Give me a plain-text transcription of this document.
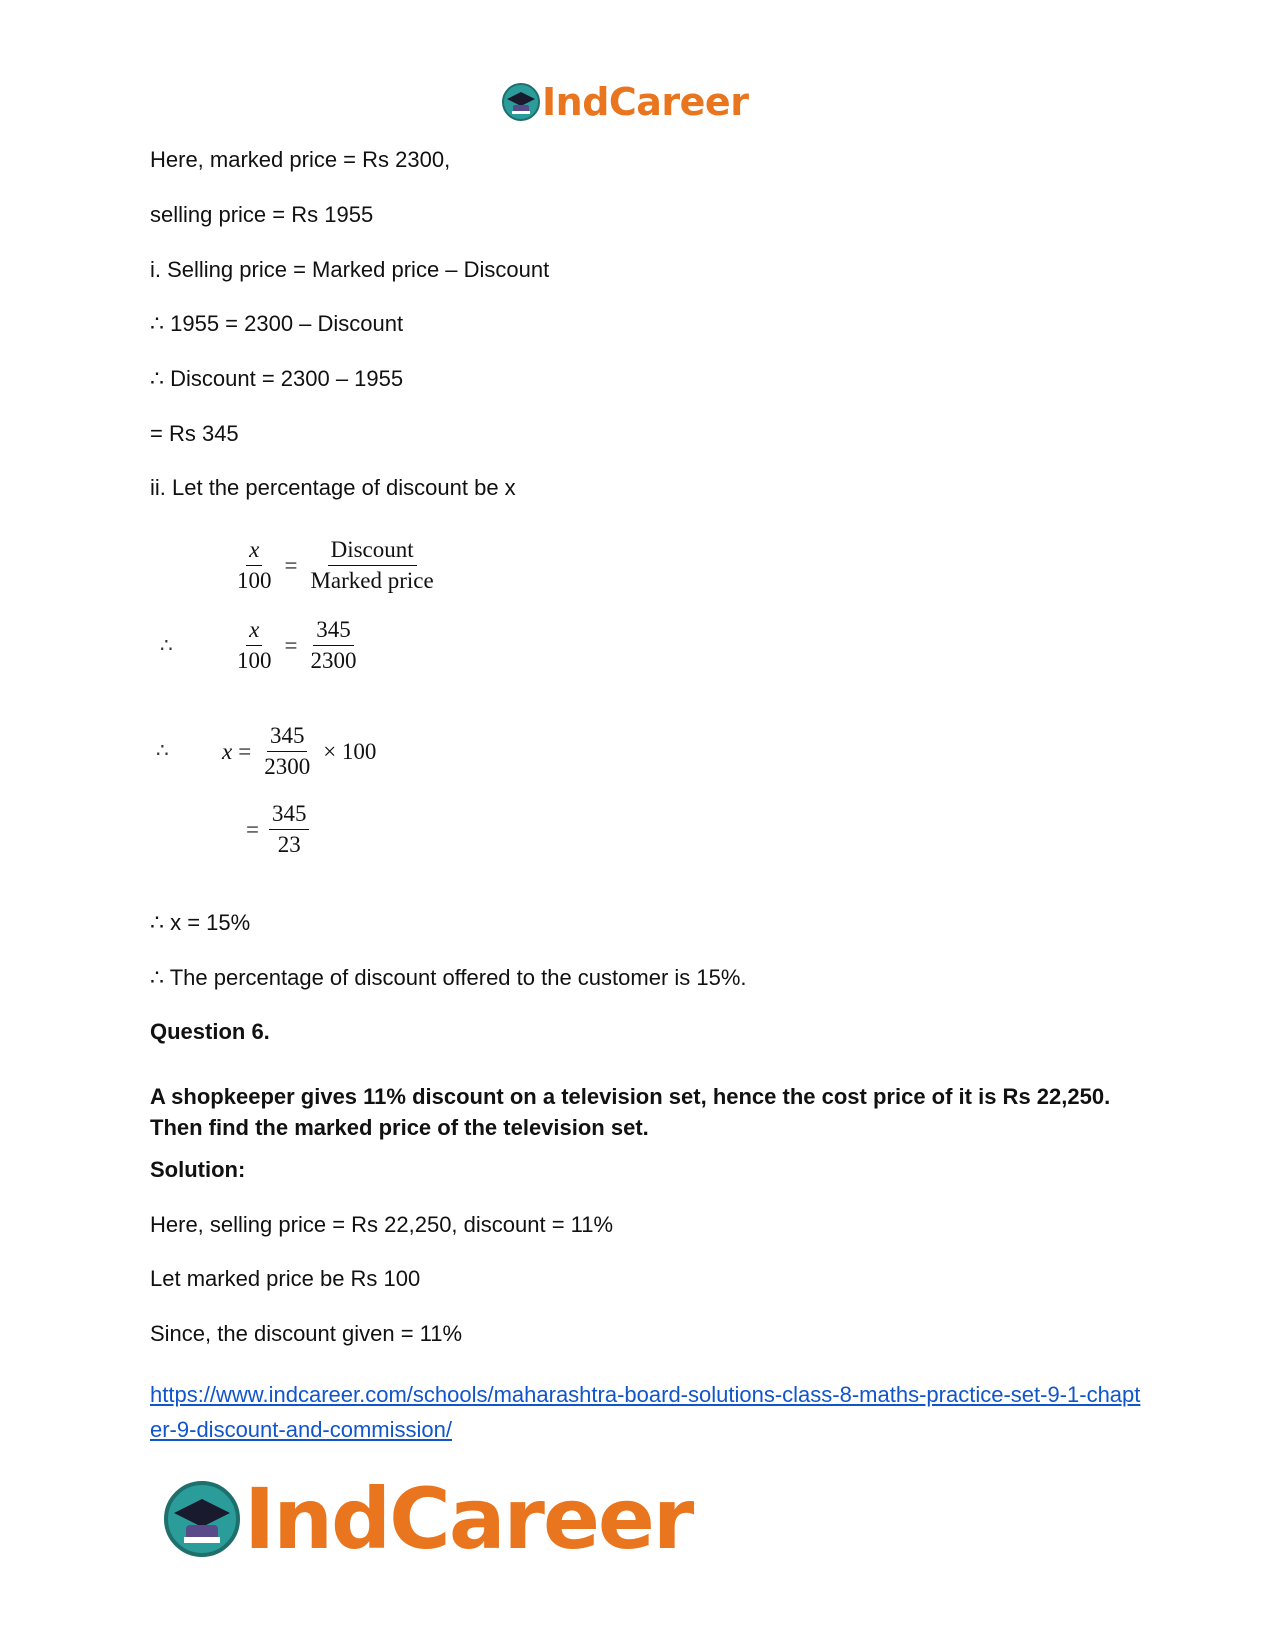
IndCareer

Here, marked price = Rs 2300,

selling price = Rs 1955

i. Selling price = Marked price – Discount

∴ 1955 = 2300 – Discount

∴ Discount = 2300 – 1955

= Rs 345

ii. Let the percentage of discount be x

$\frac{x}{100} = \frac{\text{Discount}}{\text{Marked price}}$
∴	$\frac{x}{100} = \frac{345}{2300}$
∴ $x = \frac{345}{2300} \times 100$
= $\frac{345}{23}$

∴ x = 15%

∴ The percentage of discount offered to the customer is 15%.

Question 6.

A shopkeeper gives 11% discount on a television set, hence the cost price of it is Rs 22,250. Then find the marked price of the television set.

Solution:

Here, selling price = Rs 22,250, discount = 11%

Let marked price be Rs 100

Since, the discount given = 11%

https://www.indcareer.com/schools/maharashtra-board-solutions-class-8-maths-practice-set-9-1-chapter-9-discount-and-commission/
IndCareer
